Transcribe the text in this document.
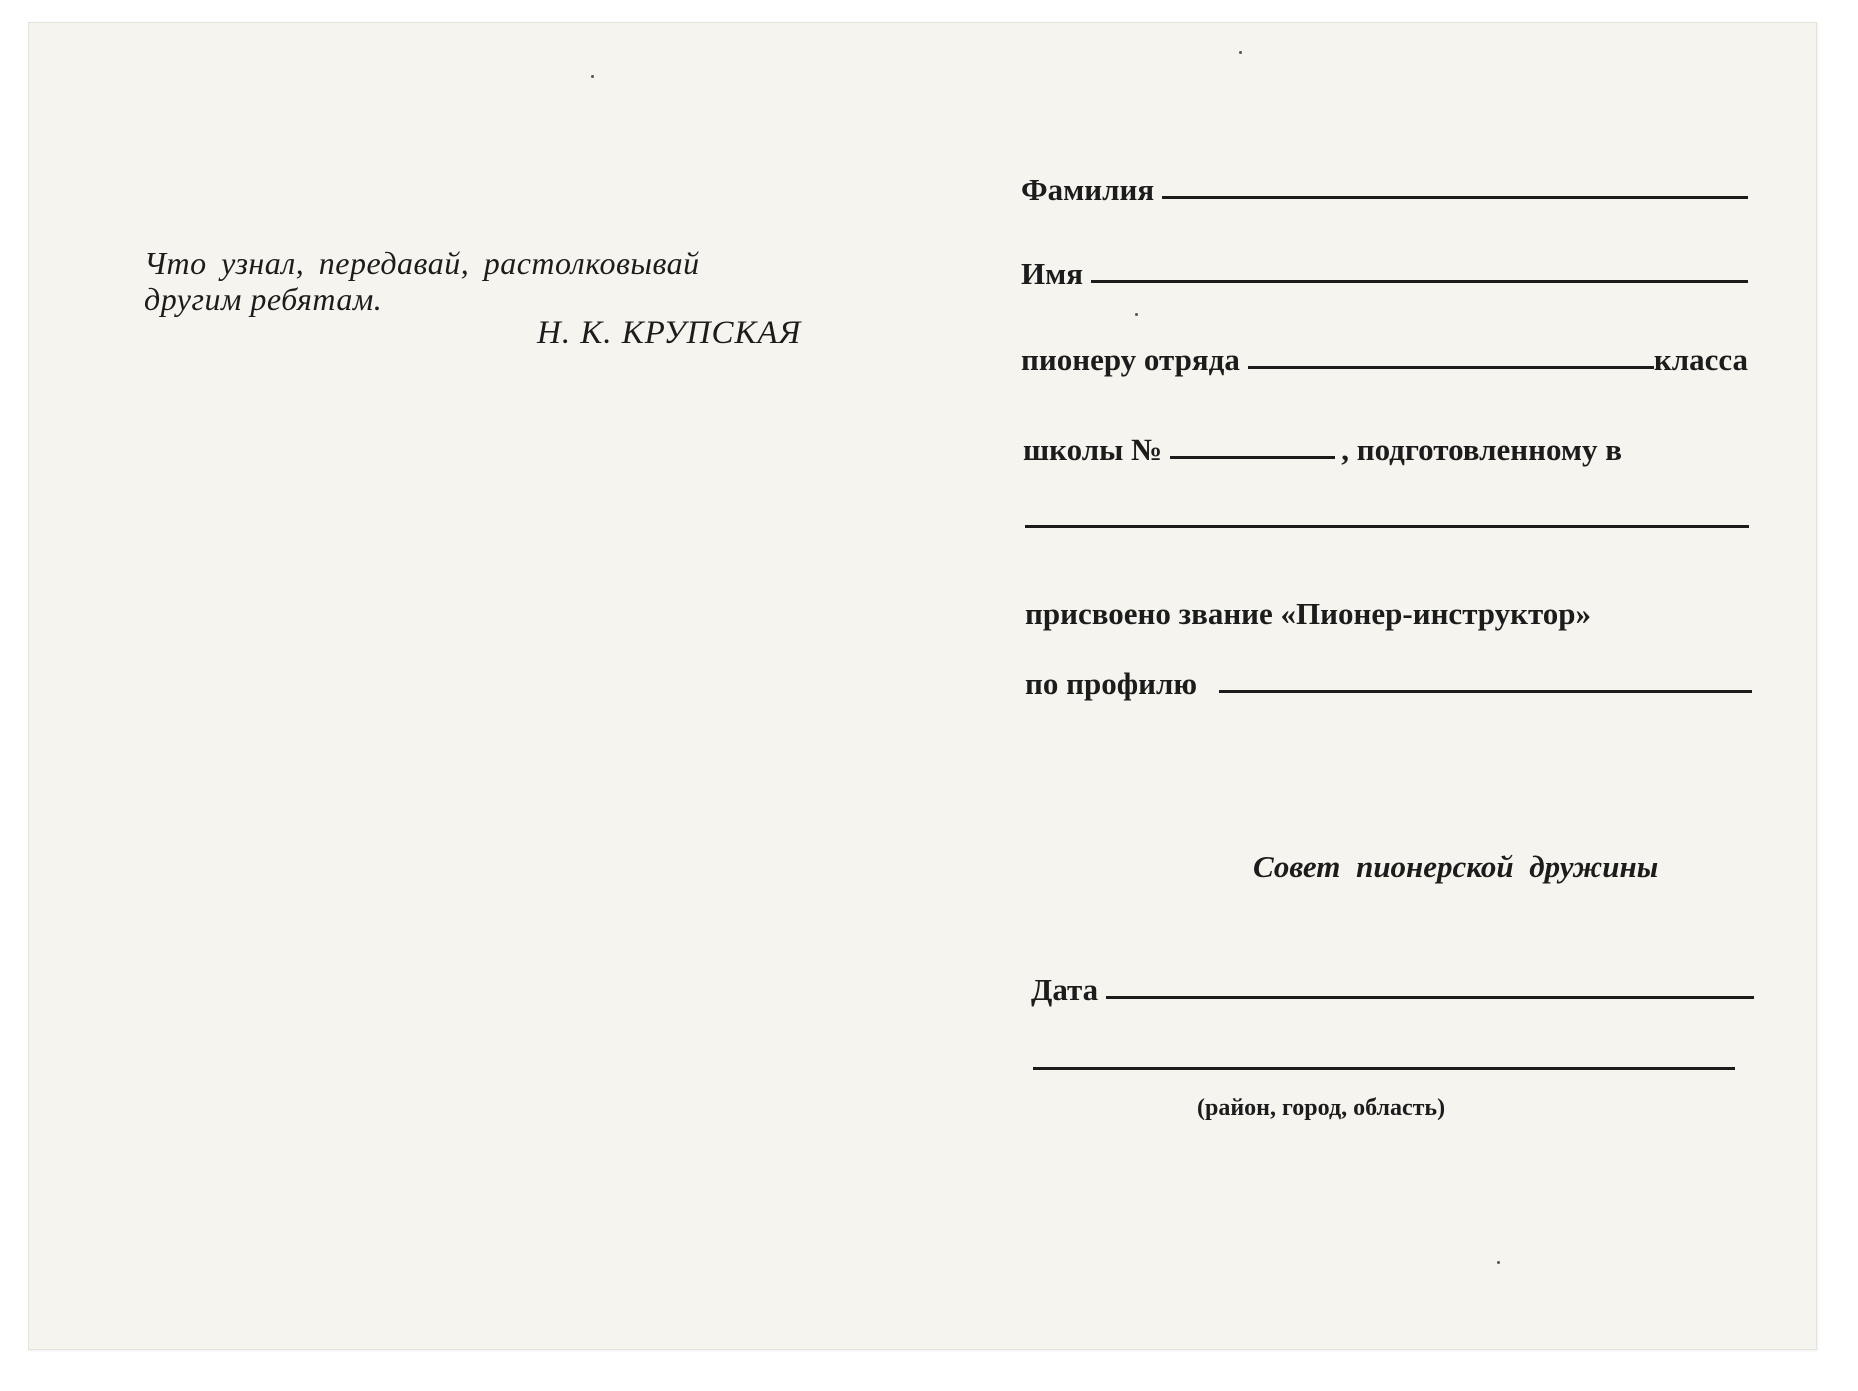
Что узнал, передавай, растолковывай
другим ребятам.
Н. К. КРУПСКАЯ
Фамилия
Имя
пионеру отряда	класса
школы №	, подготовленному в
присвоено звание «Пионер-инструктор»
по профилю
Совет пионерской дружины
Дата
(район, город, область)
